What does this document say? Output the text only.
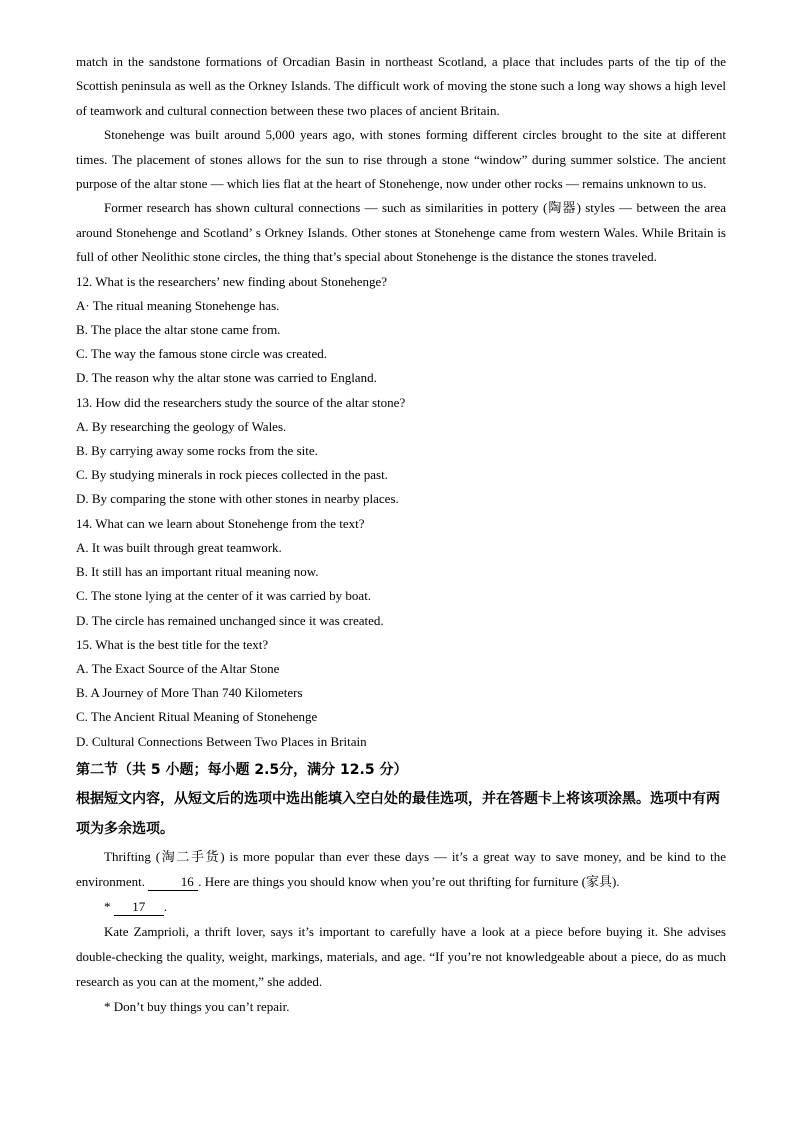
match in the sandstone formations of Orcadian Basin in northeast Scotland, a place that includes parts of the tip of the Scottish peninsula as well as the Orkney Islands. The difficult work of moving the stone such a long way shows a high level of teamwork and cultural connection between these two places of ancient Britain.

Stonehenge was built around 5,000 years ago, with stones forming different circles brought to the site at different times. The placement of stones allows for the sun to rise through a stone “window” during summer solstice. The ancient purpose of the altar stone — which lies flat at the heart of Stonehenge, now under other rocks — remains unknown to us.

Former research has shown cultural connections — such as similarities in pottery (陶器) styles — between the area around Stonehenge and Scotland’ s Orkney Islands. Other stones at Stonehenge came from western Wales. While Britain is full of other Neolithic stone circles, the thing that’s special about Stonehenge is the distance the stones traveled.

12. What is the researchers’ new finding about Stonehenge?

A· The ritual meaning Stonehenge has.

B. The place the altar stone came from.

C. The way the famous stone circle was created.

D. The reason why the altar stone was carried to England.

13. How did the researchers study the source of the altar stone?

A. By researching the geology of Wales.

B. By carrying away some rocks from the site.

C. By studying minerals in rock pieces collected in the past.

D. By comparing the stone with other stones in nearby places.

14. What can we learn about Stonehenge from the text?

A. It was built through great teamwork.

B. It still has an important ritual meaning now.

C. The stone lying at the center of it was carried by boat.

D. The circle has remained unchanged since it was created.

15. What is the best title for the text?

A. The Exact Source of the Altar Stone

B. A Journey of More Than 740 Kilometers

C. The Ancient Ritual Meaning of Stonehenge

D. Cultural Connections Between Two Places in Britain

第二节（共 5 小题；每小题 2.5分，满分 12.5 分）

根据短文内容，从短文后的选项中选出能填入空白处的最佳选项，并在答题卡上将该项涂黑。选项中有两项为多余选项。

Thrifting (淘二手货) is more popular than ever these days — it’s a great way to save money, and be kind to the environment.	16 . Here are things you should know when you’re out thrifting for furniture (家具).

* 17 .

Kate Zamprioli, a thrift lover, says it’s important to carefully have a look at a piece before buying it. She advises double-checking the quality, weight, markings, materials, and age. “If you’re not knowledgeable about a piece, do as much research as you can at the moment,” she added.

* Don’t buy things you can’t repair.
